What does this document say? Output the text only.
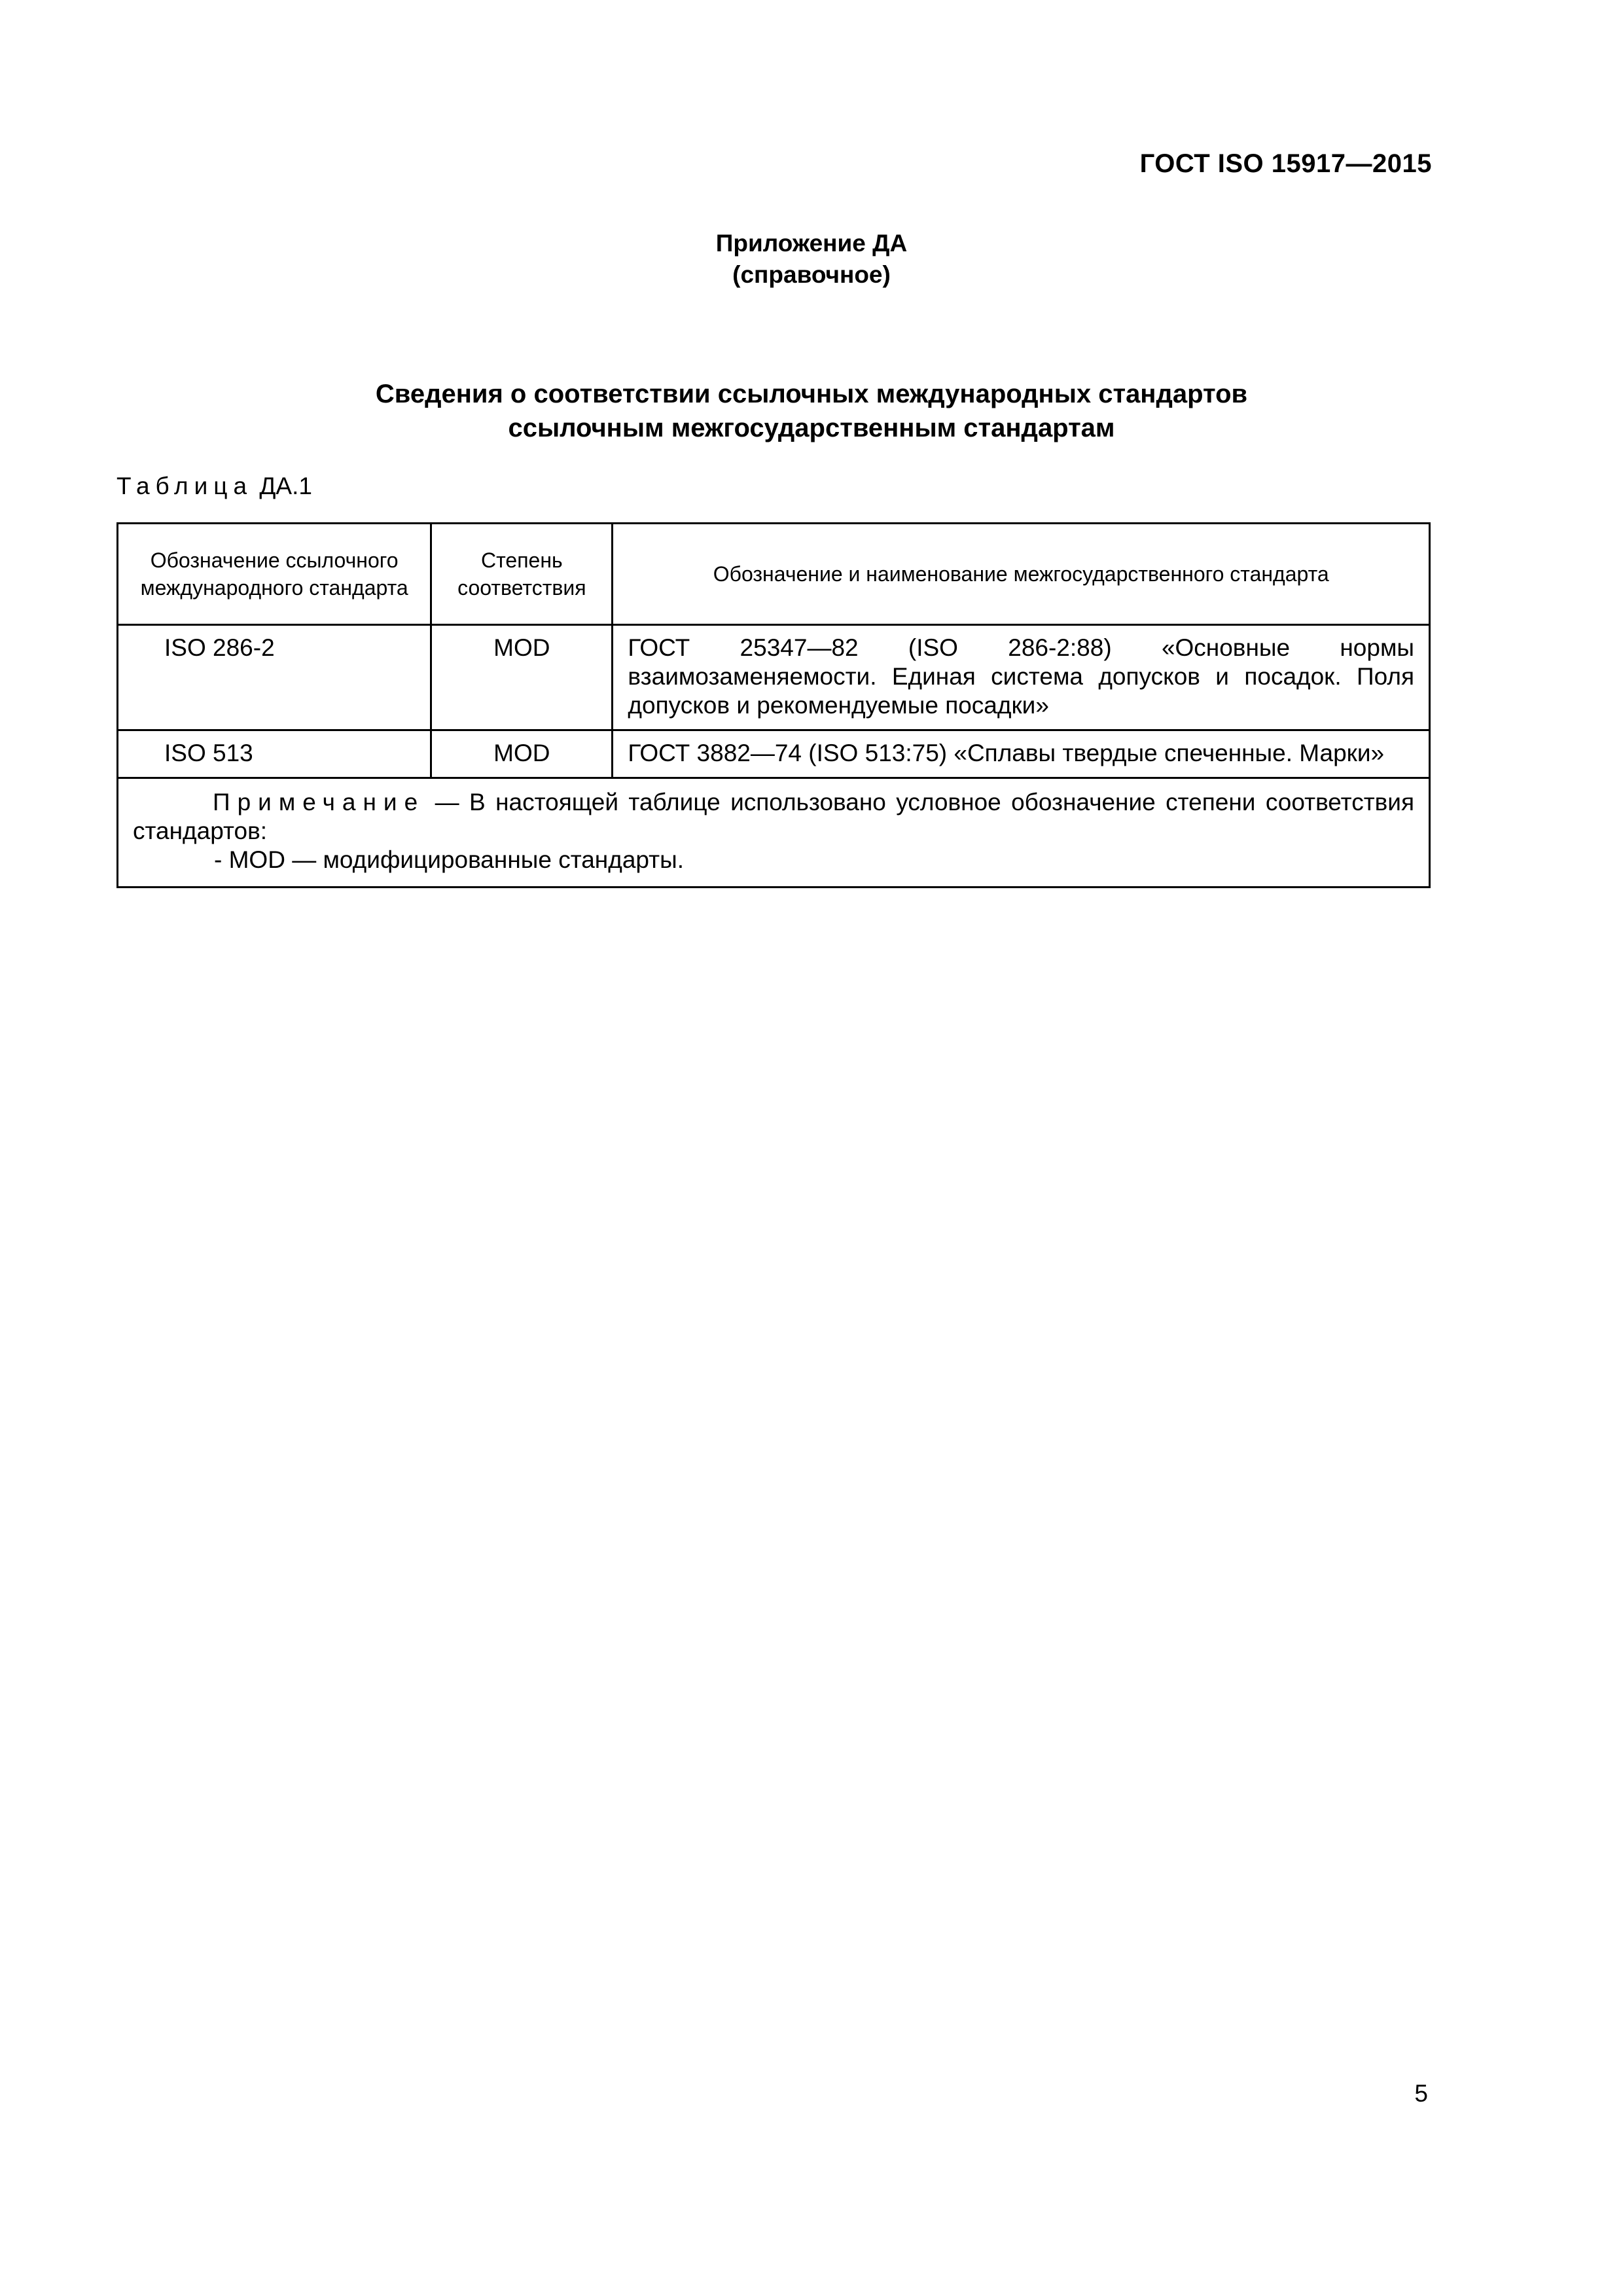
ГОСТ ISO 15917—2015
Приложение ДА
(справочное)
Сведения о соответствии ссылочных международных стандартов
ссылочным межгосударственным стандартам
Таблица ДА.1
Обозначение ссылочного международного стандарта	Степень соответствия	Обозначение и наименование межгосударственного стандарта
ISO 286-2	MOD	ГОСТ 25347—82 (ISO 286-2:88) «Основные нормы взаимозаменяемости. Единая система допусков и посадок. Поля допусков и рекомендуемые посадки»
ISO 513	MOD	ГОСТ 3882—74 (ISO 513:75) «Сплавы твердые спеченные. Марки»

Примечание — В настоящей таблице использовано условное обозначение степени соответствия стандартов:
- MOD — модифицированные стандарты.		
5
